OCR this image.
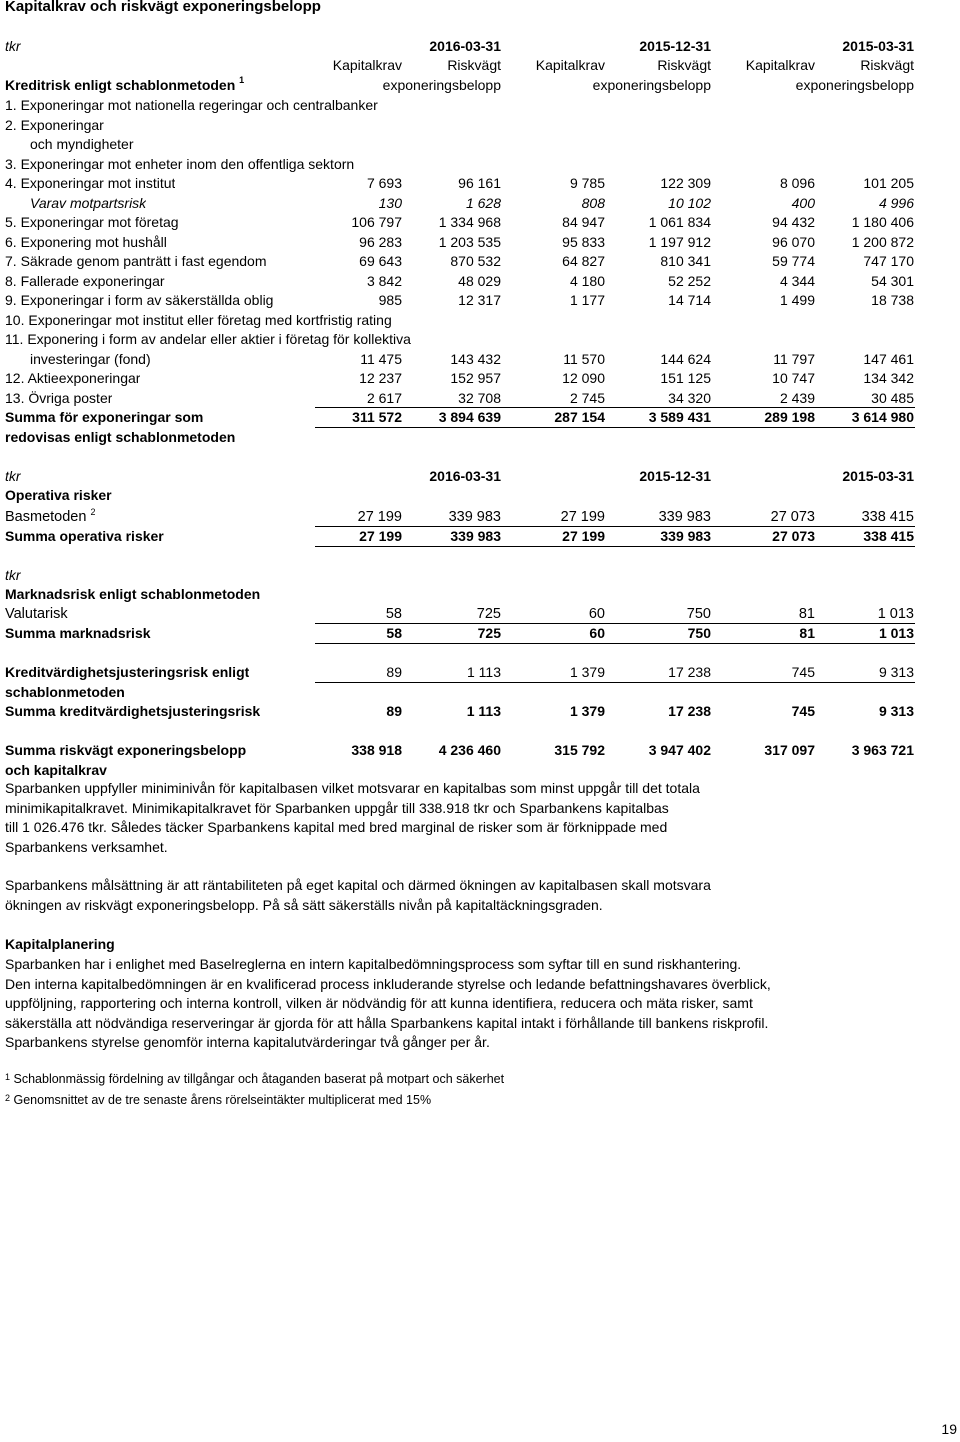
Kapitalkrav och riskvägt exponeringsbelopp
tkr	2016-03-31	2015-12-31	2015-03-31
Kapitalkrav	Riskvägt	Kapitalkrav	Riskvägt	Kapitalkrav	Riskvägt
Kreditrisk enligt schablonmetoden $^1$	exponeringsbelopp	exponeringsbelopp	exponeringsbelopp
1. Exponeringar mot nationella regeringar och centralbanker
2. Exponeringar
och myndigheter
3. Exponeringar mot enheter inom den offentliga sektorn
4. Exponeringar mot institut	7 693	96 161	9 785	122 309	8 096	101 205
Varav motpartsrisk	130	1 628	808	10 102	400	4 996
5. Exponeringar mot företag	106 797	1 334 968	84 947	1 061 834	94 432	1 180 406
6. Exponering mot hushåll	96 283	1 203 535	95 833	1 197 912	96 070	1 200 872
7. Säkrade genom panträtt i fast egendom	69 643	870 532	64 827	810 341	59 774	747 170
8. Fallerade exponeringar	3 842	48 029	4 180	52 252	4 344	54 301
9. Exponeringar i form av säkerställda oblig	985	12 317	1 177	14 714	1 499	18 738
10. Exponeringar mot institut eller företag med kortfristig rating
11. Exponering i form av andelar eller aktier i företag för kollektiva
investeringar (fond)	11 475	143 432	11 570	144 624	11 797	147 461
12. Aktieexponeringar	12 237	152 957	12 090	151 125	10 747	134 342
13. Övriga poster	2 617	32 708	2 745	34 320	2 439	30 485
Summa för exponeringar som	311 572	3 894 639	287 154	3 589 431	289 198	3 614 980
redovisas enligt schablonmetoden
tkr	2016-03-31	2015-12-31	2015-03-31
Operativa risker
Basmetoden $^2$	27 199	339 983	27 199	339 983	27 073	338 415
Summa operativa risker	27 199	339 983	27 199	339 983	27 073	338 415
tkr
Marknadsrisk enligt schablonmetoden
Valutarisk	58	725	60	750	81	1 013
Summa marknadsrisk	58	725	60	750	81	1 013
Kreditvärdighetsjusteringsrisk enligt	89	1 113	1 379	17 238	745	9 313
schablonmetoden
Summa kreditvärdighetsjusteringsrisk	89	1 113	1 379	17 238	745	9 313
Summa riskvägt exponeringsbelopp	338 918	4 236 460	315 792	3 947 402	317 097	3 963 721
och kapitalkrav
Sparbanken uppfyller miniminivån för kapitalbasen vilket motsvarar en kapitalbas som minst uppgår till det totala
minimikapitalkravet. Minimikapitalkravet för Sparbanken uppgår till 338.918 tkr och Sparbankens kapitalbas
till 1 026.476 tkr. Således täcker Sparbankens kapital med bred marginal de risker som är förknippade med
Sparbankens verksamhet.
Sparbankens målsättning är att räntabiliteten på eget kapital och därmed ökningen av kapitalbasen skall motsvara
ökningen av riskvägt exponeringsbelopp. På så sätt säkerställs nivån på kapitaltäckningsgraden.
Kapitalplanering
Sparbanken har i enlighet med Baselreglerna en intern kapitalbedömningsprocess som syftar till en sund riskhantering.
Den interna kapitalbedömningen är en kvalificerad process inkluderande styrelse och ledande befattningshavares överblick,
uppföljning, rapportering och interna kontroll, vilken är nödvändig för att kunna identifiera, reducera och mäta risker, samt
säkerställa att nödvändiga reserveringar är gjorda för att hålla Sparbankens kapital intakt i förhållande till bankens riskprofil.
Sparbankens styrelse genomför interna kapitalutvärderingar två gånger per år.
$^1$ Schablonmässig fördelning av tillgångar och åtaganden baserat på motpart och säkerhet
$^2$ Genomsnittet av de tre senaste årens rörelseintäkter multiplicerat med 15%
19
